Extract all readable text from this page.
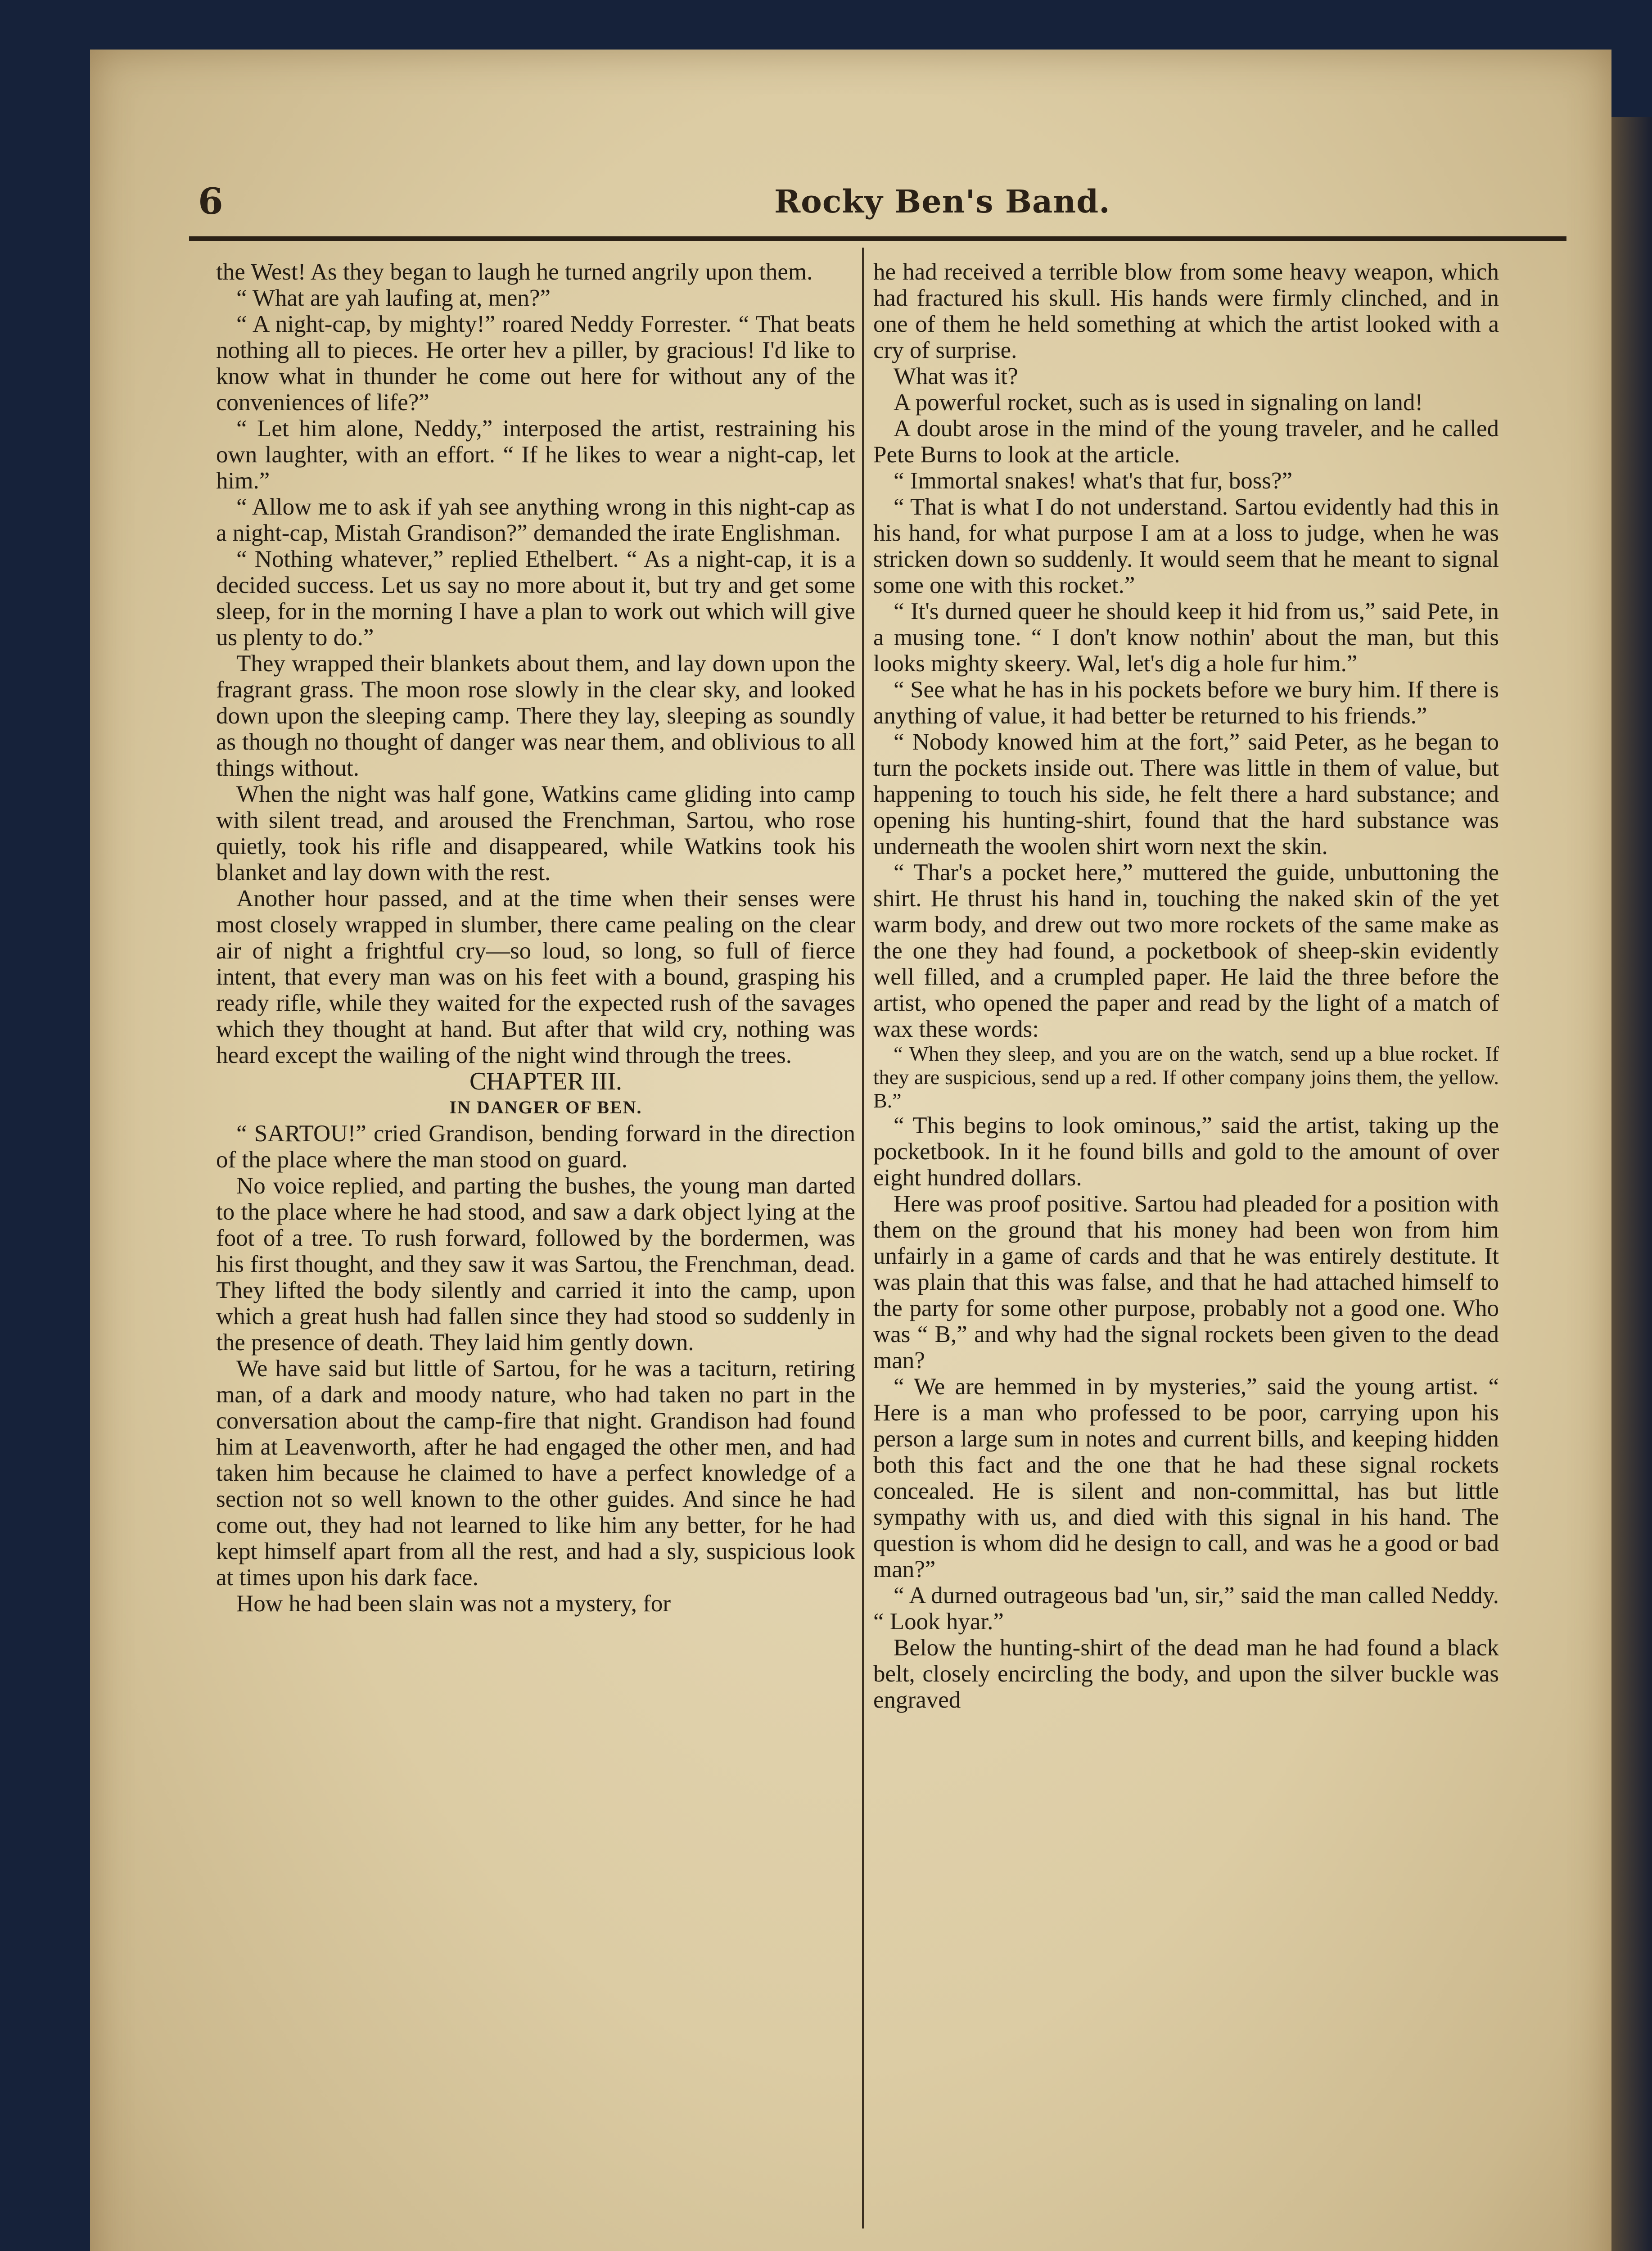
6	Rocky Ben's Band.

the West! As they began to laugh he turned angrily upon them.

“ What are yah laufing at, men?”

“ A night-cap, by mighty!” roared Neddy Forrester. “ That beats nothing all to pieces. He orter hev a piller, by gracious! I'd like to know what in thunder he come out here for without any of the conveniences of life?”

“ Let him alone, Neddy,” interposed the artist, restraining his own laughter, with an effort. “ If he likes to wear a night-cap, let him.”

“ Allow me to ask if yah see anything wrong in this night-cap as a night-cap, Mistah Grandison?” demanded the irate Englishman.

“ Nothing whatever,” replied Ethelbert. “ As a night-cap, it is a decided success. Let us say no more about it, but try and get some sleep, for in the morning I have a plan to work out which will give us plenty to do.”

They wrapped their blankets about them, and lay down upon the fragrant grass. The moon rose slowly in the clear sky, and looked down upon the sleeping camp. There they lay, sleeping as soundly as though no thought of danger was near them, and oblivious to all things without.

When the night was half gone, Watkins came gliding into camp with silent tread, and aroused the Frenchman, Sartou, who rose quietly, took his rifle and disappeared, while Watkins took his blanket and lay down with the rest.

Another hour passed, and at the time when their senses were most closely wrapped in slumber, there came pealing on the clear air of night a frightful cry—so loud, so long, so full of fierce intent, that every man was on his feet with a bound, grasping his ready rifle, while they waited for the expected rush of the savages which they thought at hand. But after that wild cry, nothing was heard except the wailing of the night wind through the trees.

CHAPTER III.

IN DANGER OF BEN.

“ SARTOU!” cried Grandison, bending forward in the direction of the place where the man stood on guard.

No voice replied, and parting the bushes, the young man darted to the place where he had stood, and saw a dark object lying at the foot of a tree. To rush forward, followed by the bordermen, was his first thought, and they saw it was Sartou, the Frenchman, dead. They lifted the body silently and carried it into the camp, upon which a great hush had fallen since they had stood so suddenly in the presence of death. They laid him gently down.

We have said but little of Sartou, for he was a taciturn, retiring man, of a dark and moody nature, who had taken no part in the conversation about the camp-fire that night. Grandison had found him at Leavenworth, after he had engaged the other men, and had taken him because he claimed to have a perfect knowledge of a section not so well known to the other guides. And since he had come out, they had not learned to like him any better, for he had kept himself apart from all the rest, and had a sly, suspicious look at times upon his dark face.

How he had been slain was not a mystery, for

he had received a terrible blow from some heavy weapon, which had fractured his skull. His hands were firmly clinched, and in one of them he held something at which the artist looked with a cry of surprise.

What was it?

A powerful rocket, such as is used in signaling on land!

A doubt arose in the mind of the young traveler, and he called Pete Burns to look at the article.

“ Immortal snakes! what's that fur, boss?”

“ That is what I do not understand. Sartou evidently had this in his hand, for what purpose I am at a loss to judge, when he was stricken down so suddenly. It would seem that he meant to signal some one with this rocket.”

“ It's durned queer he should keep it hid from us,” said Pete, in a musing tone. “ I don't know nothin' about the man, but this looks mighty skeery. Wal, let's dig a hole fur him.”

“ See what he has in his pockets before we bury him. If there is anything of value, it had better be returned to his friends.”

“ Nobody knowed him at the fort,” said Peter, as he began to turn the pockets inside out. There was little in them of value, but happening to touch his side, he felt there a hard substance; and opening his hunting-shirt, found that the hard substance was underneath the woolen shirt worn next the skin.

“ Thar's a pocket here,” muttered the guide, unbuttoning the shirt. He thrust his hand in, touching the naked skin of the yet warm body, and drew out two more rockets of the same make as the one they had found, a pocketbook of sheep-skin evidently well filled, and a crumpled paper. He laid the three before the artist, who opened the paper and read by the light of a match of wax these words:

“ When they sleep, and you are on the watch, send up a blue rocket. If they are suspicious, send up a red. If other company joins them, the yellow. B.”

“ This begins to look ominous,” said the artist, taking up the pocketbook. In it he found bills and gold to the amount of over eight hundred dollars.

Here was proof positive. Sartou had pleaded for a position with them on the ground that his money had been won from him unfairly in a game of cards and that he was entirely destitute. It was plain that this was false, and that he had attached himself to the party for some other purpose, probably not a good one. Who was “ B,” and why had the signal rockets been given to the dead man?

“ We are hemmed in by mysteries,” said the young artist. “ Here is a man who professed to be poor, carrying upon his person a large sum in notes and current bills, and keeping hidden both this fact and the one that he had these signal rockets concealed. He is silent and non-committal, has but little sympathy with us, and died with this signal in his hand. The question is whom did he design to call, and was he a good or bad man?”

“ A durned outrageous bad 'un, sir,” said the man called Neddy. “ Look hyar.”

Below the hunting-shirt of the dead man he had found a black belt, closely encircling the body, and upon the silver buckle was engraved
